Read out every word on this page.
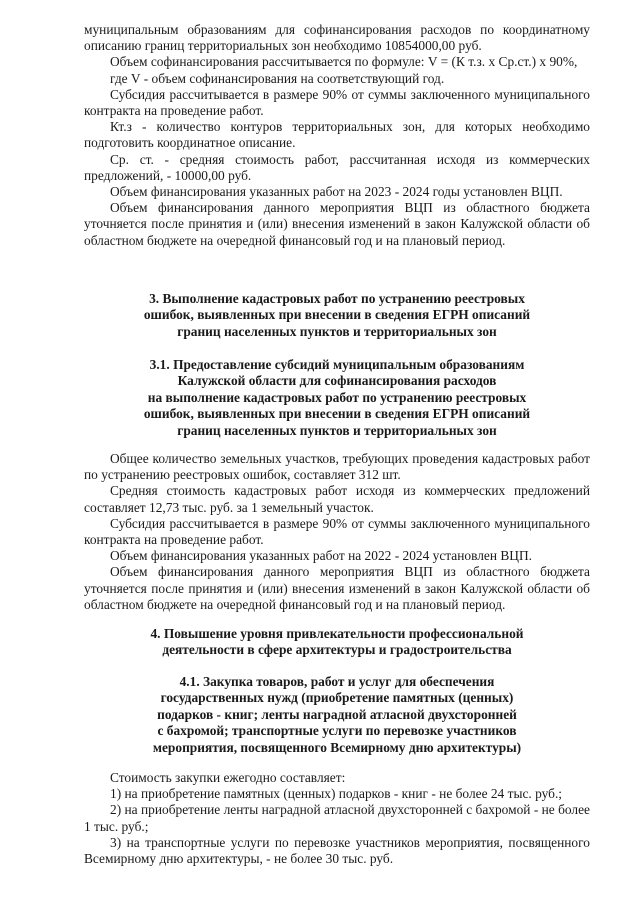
муниципальным образованиям для софинансирования расходов по координатному описанию границ территориальных зон необходимо 10854000,00 руб.

Объем софинансирования рассчитывается по формуле: V = (К т.з. х Ср.ст.) х 90%,

где V - объем софинансирования на соответствующий год.

Субсидия рассчитывается в размере 90% от суммы заключенного муниципального контракта на проведение работ.

Кт.з - количество контуров территориальных зон, для которых необходимо подготовить координатное описание.

Ср. ст. - средняя стоимость работ, рассчитанная исходя из коммерческих предложений, - 10000,00 руб.

Объем финансирования указанных работ на 2023 - 2024 годы установлен ВЦП.

Объем финансирования данного мероприятия ВЦП из областного бюджета уточняется после принятия и (или) внесения изменений в закон Калужской области об областном бюджете на очередной финансовый год и на плановый период.

3. Выполнение кадастровых работ по устранению реестровых
ошибок, выявленных при внесении в сведения ЕГРН описаний
границ населенных пунктов и территориальных зон
3.1. Предоставление субсидий муниципальным образованиям
Калужской области для софинансирования расходов
на выполнение кадастровых работ по устранению реестровых
ошибок, выявленных при внесении в сведения ЕГРН описаний
границ населенных пунктов и территориальных зон

Общее количество земельных участков, требующих проведения кадастровых работ по устранению реестровых ошибок, составляет 312 шт.

Средняя стоимость кадастровых работ исходя из коммерческих предложений составляет 12,73 тыс. руб. за 1 земельный участок.

Субсидия рассчитывается в размере 90% от суммы заключенного муниципального контракта на проведение работ.

Объем финансирования указанных работ на 2022 - 2024 установлен ВЦП.

Объем финансирования данного мероприятия ВЦП из областного бюджета уточняется после принятия и (или) внесения изменений в закон Калужской области об областном бюджете на очередной финансовый год и на плановый период.

4. Повышение уровня привлекательности профессиональной
деятельности в сфере архитектуры и градостроительства
4.1. Закупка товаров, работ и услуг для обеспечения
государственных нужд (приобретение памятных (ценных)
подарков - книг; ленты наградной атласной двухсторонней
с бахромой; транспортные услуги по перевозке участников
мероприятия, посвященного Всемирному дню архитектуры)

Стоимость закупки ежегодно составляет:

1) на приобретение памятных (ценных) подарков - книг - не более 24 тыс. руб.;

2) на приобретение ленты наградной атласной двухсторонней с бахромой - не более 1 тыс. руб.;

3) на транспортные услуги по перевозке участников мероприятия, посвященного Всемирному дню архитектуры, - не более 30 тыс. руб.
